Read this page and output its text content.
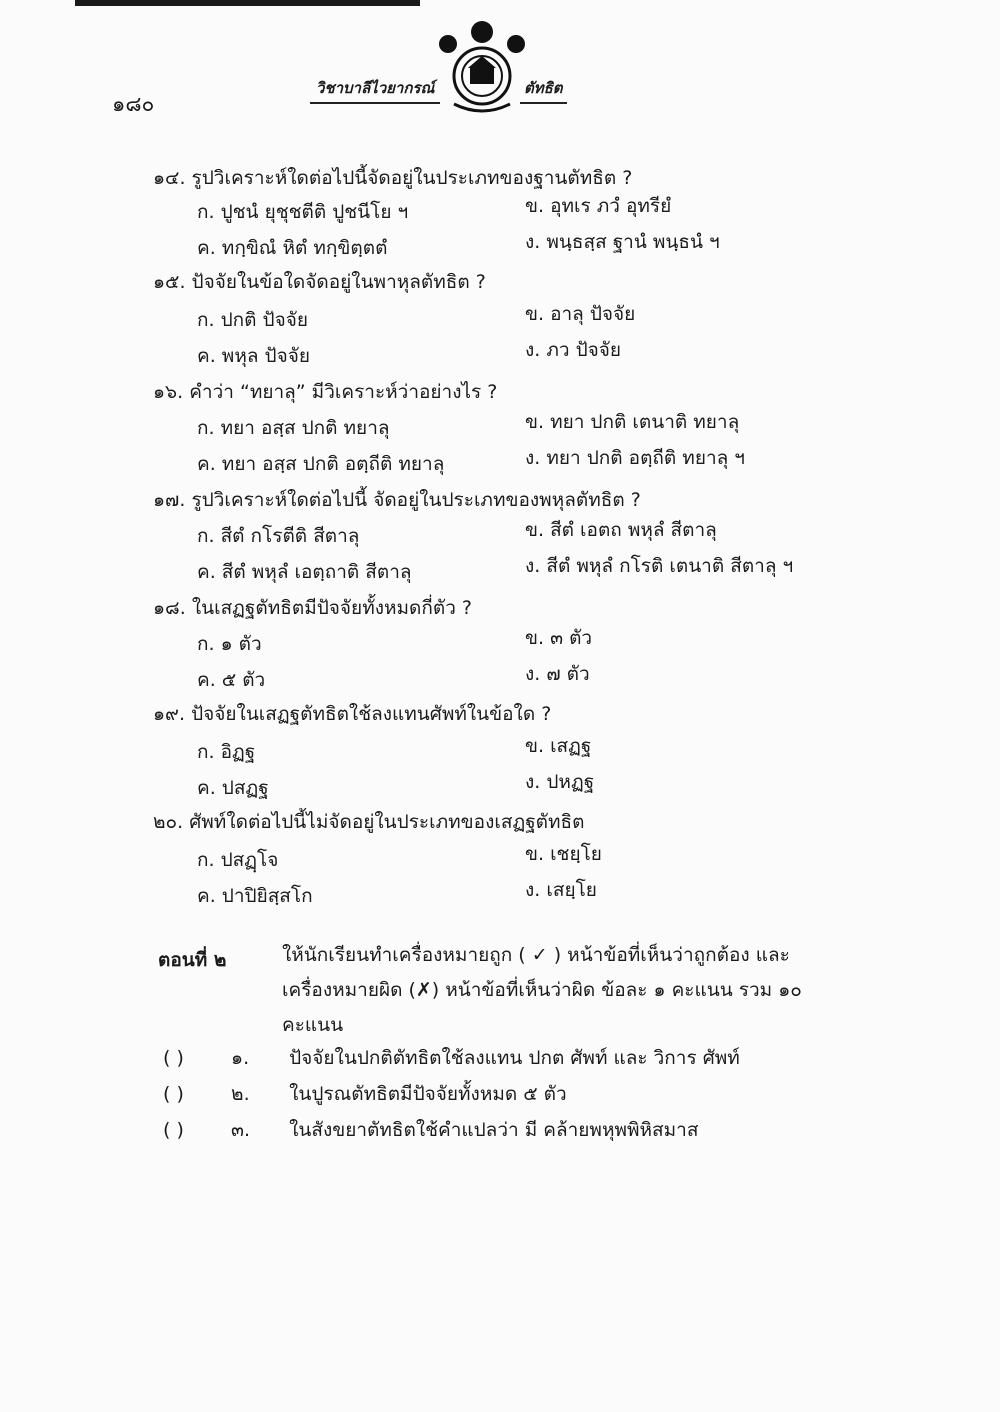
๑๘๐
วิชาบาลีไวยากรณ์	ตัทธิต
๑๔. รูปวิเคราะห์ใดต่อไปนี้จัดอยู่ในประเภทของฐานตัทธิต ?
ก. ปูชนํ ยุชุชตีติ ปูชนีโย ฯ	ข. อุทเร ภวํ อุทรียํ
ค. ทกฺขิณํ หิตํ ทกฺขิตฺตตํ	ง. พนฺธสฺส ฐานํ พนฺธนํ ฯ
๑๕. ปัจจัยในข้อใดจัดอยู่ในพาหุลตัทธิต ?
ก. ปกติ ปัจจัย	ข. อาลุ ปัจจัย
ค. พหุล ปัจจัย	ง. ภว ปัจจัย
๑๖. คำว่า “ทยาลุ” มีวิเคราะห์ว่าอย่างไร ?
ก. ทยา อสฺส ปกติ ทยาลุ	ข. ทยา ปกติ เตนาติ ทยาลุ
ค. ทยา อสฺส ปกติ อตฺถีติ ทยาลุ	ง. ทยา ปกติ อตฺถีติ ทยาลุ ฯ
๑๗. รูปวิเคราะห์ใดต่อไปนี้ จัดอยู่ในประเภทของพหุลตัทธิต ?
ก. สีตํ กโรตีติ สีตาลุ	ข. สีตํ เอตถ พหุลํ สีตาลุ
ค. สีตํ พหุลํ เอตฺถาติ สีตาลุ	ง. สีตํ พหุลํ กโรติ เตนาติ สีตาลุ ฯ
๑๘. ในเสฏฐตัทธิตมีปัจจัยทั้งหมดกี่ตัว ?
ก. ๑ ตัว	ข. ๓ ตัว
ค. ๕ ตัว	ง. ๗ ตัว
๑๙. ปัจจัยในเสฏฐตัทธิตใช้ลงแทนศัพท์ในข้อใด ?
ก. อิฏฐ	ข. เสฏฐ
ค. ปสฏฐ	ง. ปหฏฐ
๒๐. ศัพท์ใดต่อไปนี้ไม่จัดอยู่ในประเภทของเสฏฐตัทธิต
ก. ปสฏฺโจ	ข. เชยฺโย
ค. ปาปิยิสฺสโก	ง. เสยฺโย
ตอนที่ ๒	ให้นักเรียนทำเครื่องหมายถูก ( ✓ ) หน้าข้อที่เห็นว่าถูกต้อง และเครื่องหมายผิด (✗) หน้าข้อที่เห็นว่าผิด ข้อละ ๑ คะแนน รวม ๑๐ คะแนน
( ) ๑. ปัจจัยในปกติตัทธิตใช้ลงแทน ปกต ศัพท์ และ วิการ ศัพท์
( ) ๒. ในปูรณตัทธิตมีปัจจัยทั้งหมด ๕ ตัว
( ) ๓. ในสังขยาตัทธิตใช้คำแปลว่า มี คล้ายพหุพพิหิสมาส
